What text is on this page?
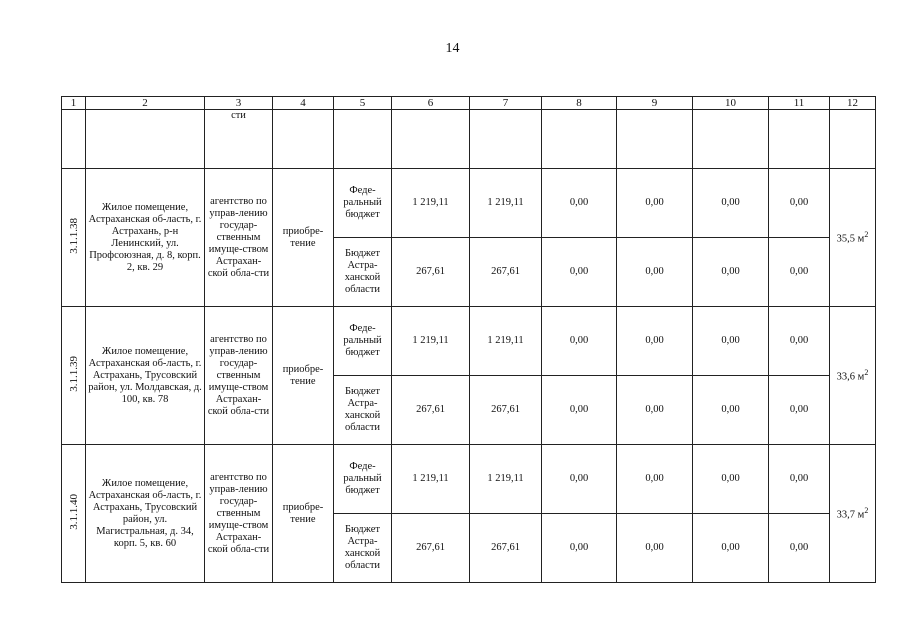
14
1	2	3	4	5	6	7	8	9	10	11	12
		сти									
3.1.1.38	Жилое помещение, Астраханская об-ласть, г. Астрахань, р-н Ленинский, ул. Профсоюзная, д. 8, корп. 2, кв. 29	агентство по управ-лению государ-ственным имуще-ством Астрахан-ской обла-сти	приобре-тение	Феде-ральный бюджет	1 219,11	1 219,11	0,00	0,00	0,00	0,00	35,5 $м^2$
				Бюджет Астра-ханской области	267,61	267,61	0,00	0,00	0,00	0,00	
3.1.1.39	Жилое помещение, Астраханская об-ласть, г. Астрахань, Трусовский район, ул. Молдавская, д. 100, кв. 78	агентство по управ-лению государ-ственным имуще-ством Астрахан-ской обла-сти	приобре-тение	Феде-ральный бюджет	1 219,11	1 219,11	0,00	0,00	0,00	0,00	33,6 $м^2$
				Бюджет Астра-ханской области	267,61	267,61	0,00	0,00	0,00	0,00	
3.1.1.40	Жилое помещение, Астраханская об-ласть, г. Астрахань, Трусовский район, ул. Магистральная, д. 34, корп. 5, кв. 60	агентство по управ-лению государ-ственным имуще-ством Астрахан-ской обла-сти	приобре-тение	Феде-ральный бюджет	1 219,11	1 219,11	0,00	0,00	0,00	0,00	33,7 $м^2$
				Бюджет Астра-ханской области	267,61	267,61	0,00	0,00	0,00	0,00	
